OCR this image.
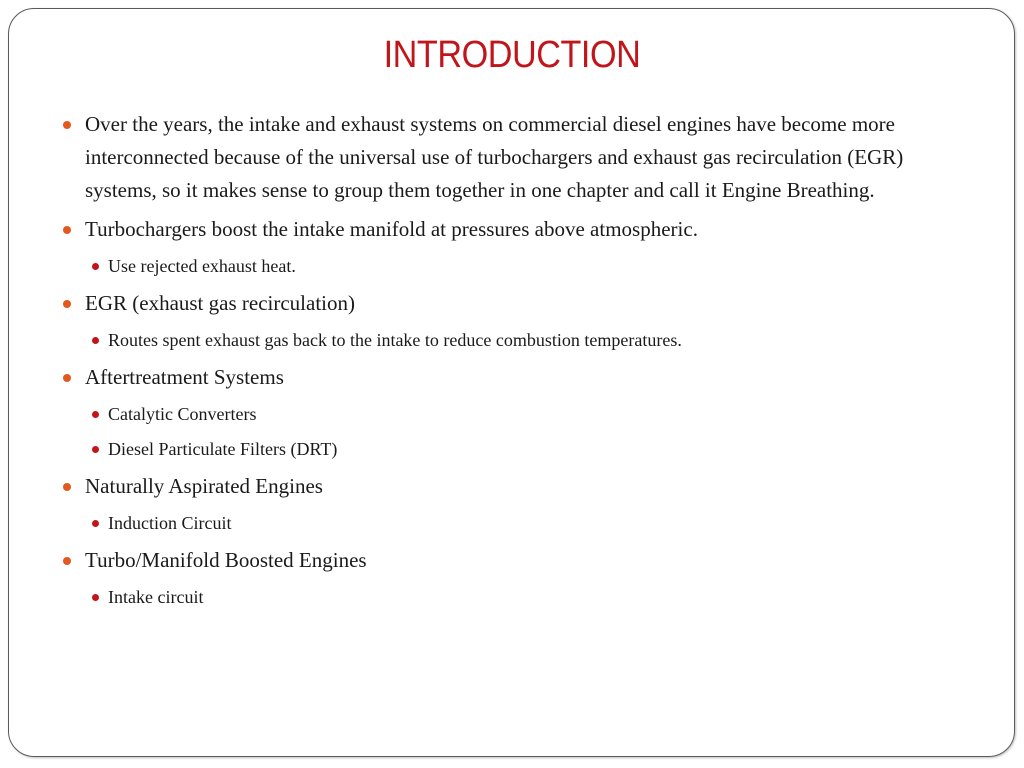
INTRODUCTION
Over the years, the intake and exhaust systems on commercial diesel engines have become more interconnected because of the universal use of turbochargers and exhaust gas recirculation (EGR) systems, so it makes sense to group them together in one chapter and call it Engine Breathing.
Turbochargers boost the intake manifold at pressures above atmospheric.
Use rejected exhaust heat.
EGR (exhaust gas recirculation)
Routes spent exhaust gas back to the intake to reduce combustion temperatures.
Aftertreatment Systems
Catalytic Converters
Diesel Particulate Filters (DRT)
Naturally Aspirated Engines
Induction Circuit
Turbo/Manifold Boosted Engines
Intake circuit
